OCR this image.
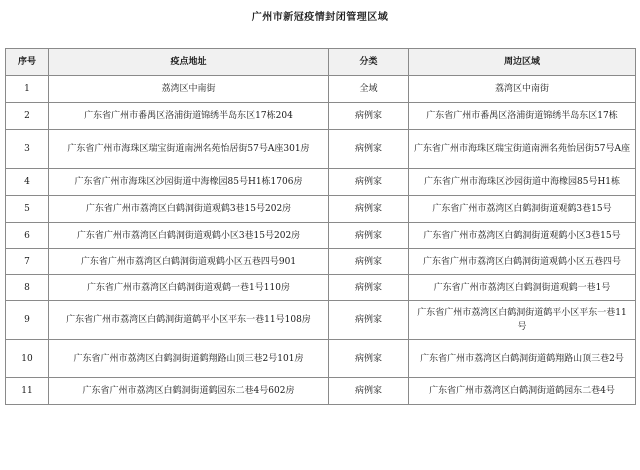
广州市新冠疫情封闭管理区域
序号	疫点地址	分类	周边区域
1	荔湾区中南街	全域	荔湾区中南街
2	广东省广州市番禺区洛浦街道锦绣半岛东区17栋204	病例家	广东省广州市番禺区洛浦街道锦绣半岛东区17栋
3	广东省广州市海珠区瑞宝街道南洲名苑怡居街57号A座301房	病例家	广东省广州市海珠区瑞宝街道南洲名苑怡居街57号A座
4	广东省广州市海珠区沙园街道中海橡园85号H1栋1706房	病例家	广东省广州市海珠区沙园街道中海橡园85号H1栋
5	广东省广州市荔湾区白鹤洞街道观鹤3巷15号202房	病例家	广东省广州市荔湾区白鹤洞街道观鹤3巷15号
6	广东省广州市荔湾区白鹤洞街道观鹤小区3巷15号202房	病例家	广东省广州市荔湾区白鹤洞街道观鹤小区3巷15号
7	广东省广州市荔湾区白鹤洞街道观鹤小区五巷四号901	病例家	广东省广州市荔湾区白鹤洞街道观鹤小区五巷四号
8	广东省广州市荔湾区白鹤洞街道观鹤一巷1号110房	病例家	广东省广州市荔湾区白鹤洞街道观鹤一巷1号
9	广东省广州市荔湾区白鹤洞街道鹤平小区平东一巷11号108房	病例家	广东省广州市荔湾区白鹤洞街道鹤平小区平东一巷11号
10	广东省广州市荔湾区白鹤洞街道鹤翔路山顶三巷2号101房	病例家	广东省广州市荔湾区白鹤洞街道鹤翔路山顶三巷2号
11	广东省广州市荔湾区白鹤洞街道鹤园东二巷4号602房	病例家	广东省广州市荔湾区白鹤洞街道鹤园东二巷4号
